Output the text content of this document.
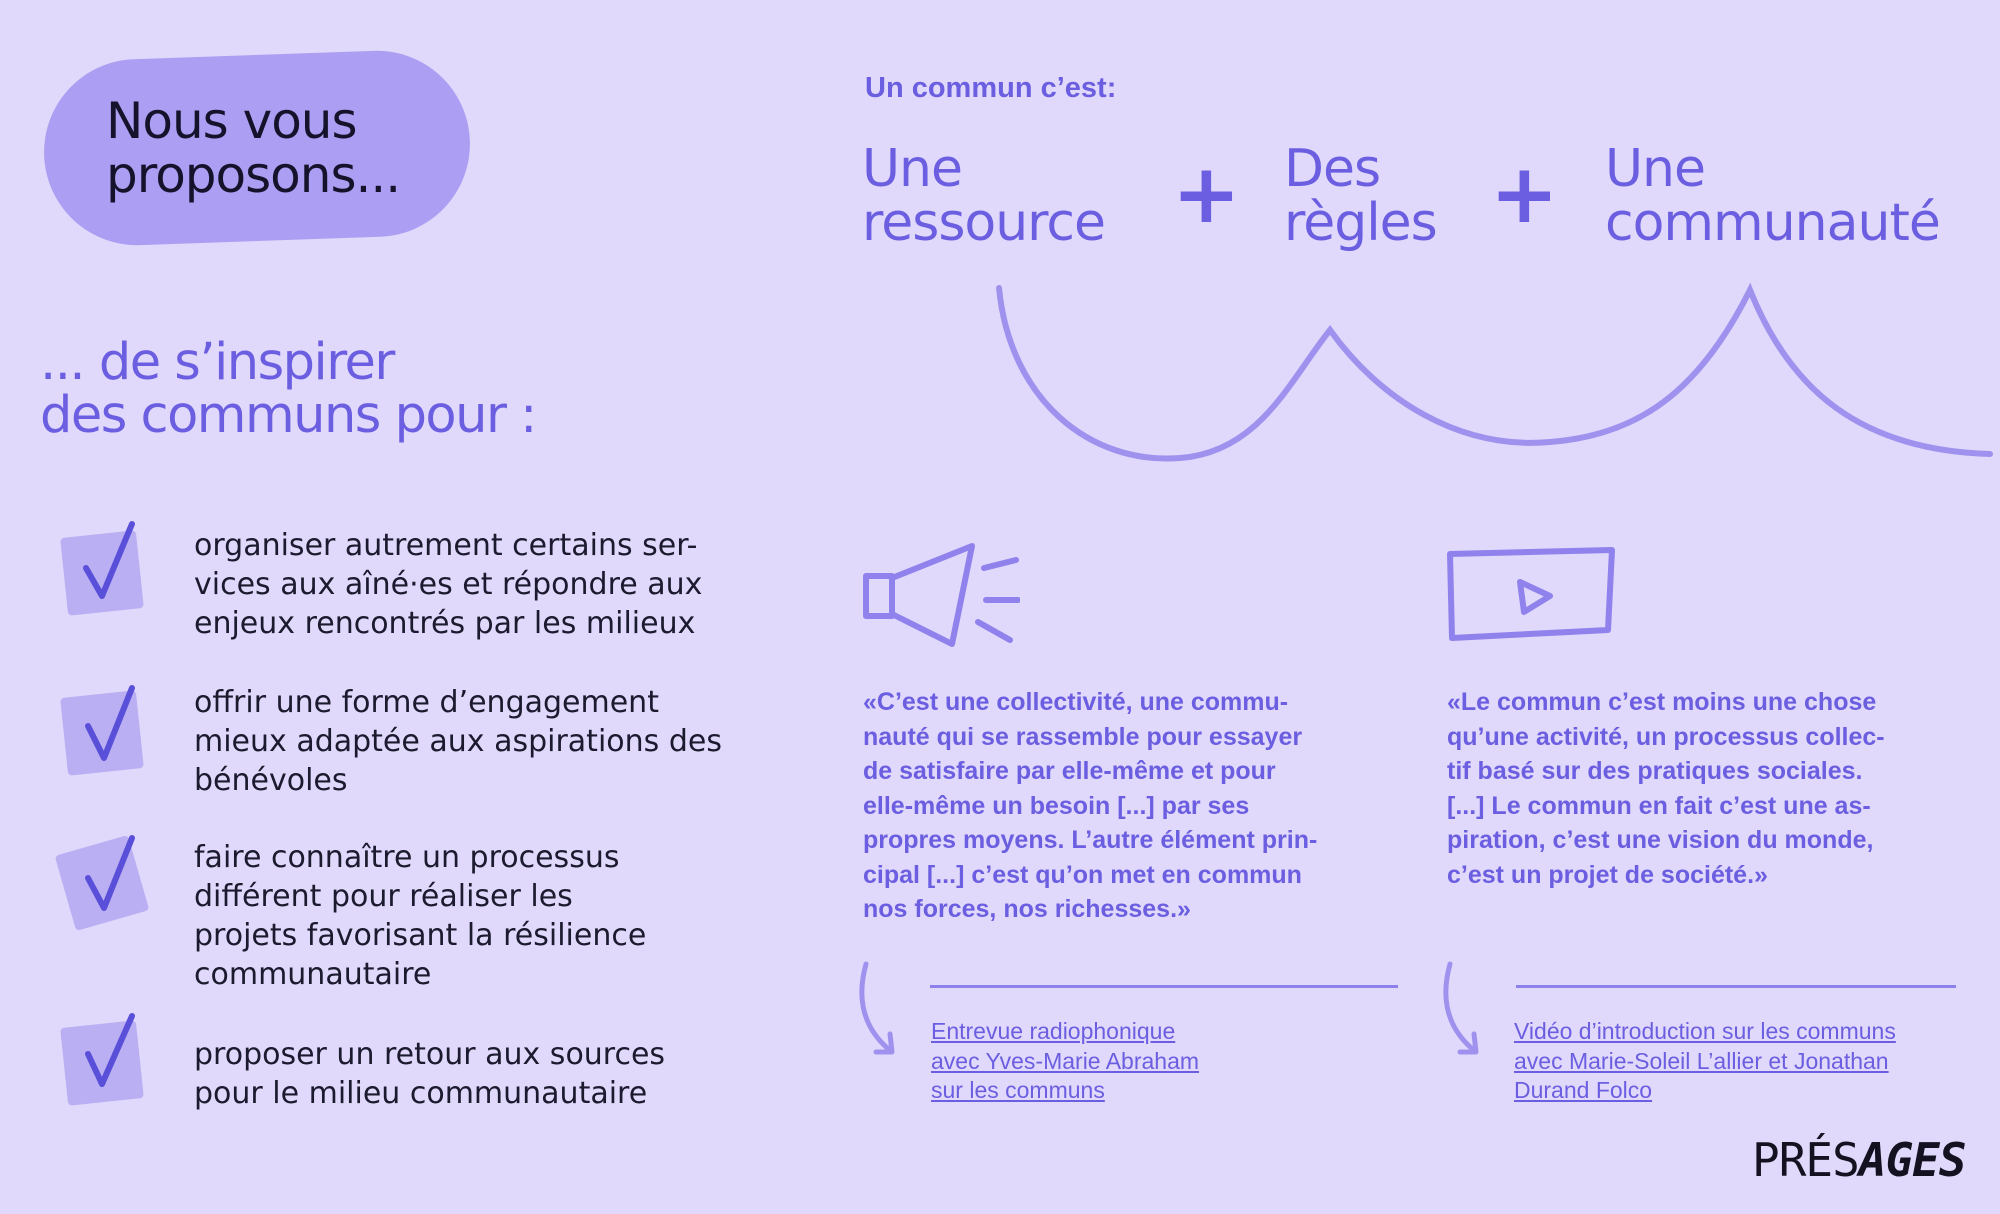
Nous vous
proposons...
... de s’inspirer
des communs pour :
organiser autrement certains ser-
vices aux aîné·es et répondre aux
enjeux rencontrés par les milieux
offrir une forme d’engagement
mieux adaptée aux aspirations des
bénévoles
faire connaître un processus
différent pour réaliser les
projets favorisant la résilience
communautaire
proposer un retour aux sources
pour le milieu communautaire
Un commun c’est:
Une
ressource + Des
règles + Une
communauté
«C’est une collectivité, une commu-
nauté qui se rassemble pour essayer
de satisfaire par elle-même et pour
elle-même un besoin [...] par ses
propres moyens. L’autre élément prin-
cipal [...] c’est qu’on met en commun
nos forces, nos richesses.»
«Le commun c’est moins une chose
qu’une activité, un processus collec-
tif basé sur des pratiques sociales.
[...] Le commun en fait c’est une as-
piration, c’est une vision du monde,
c’est un projet de société.»
Entrevue radiophonique
avec Yves-Marie Abraham
sur les communs
Vidéo d’introduction sur les communs
avec Marie-Soleil L’allier et Jonathan
Durand Folco
PRÉSAGES
